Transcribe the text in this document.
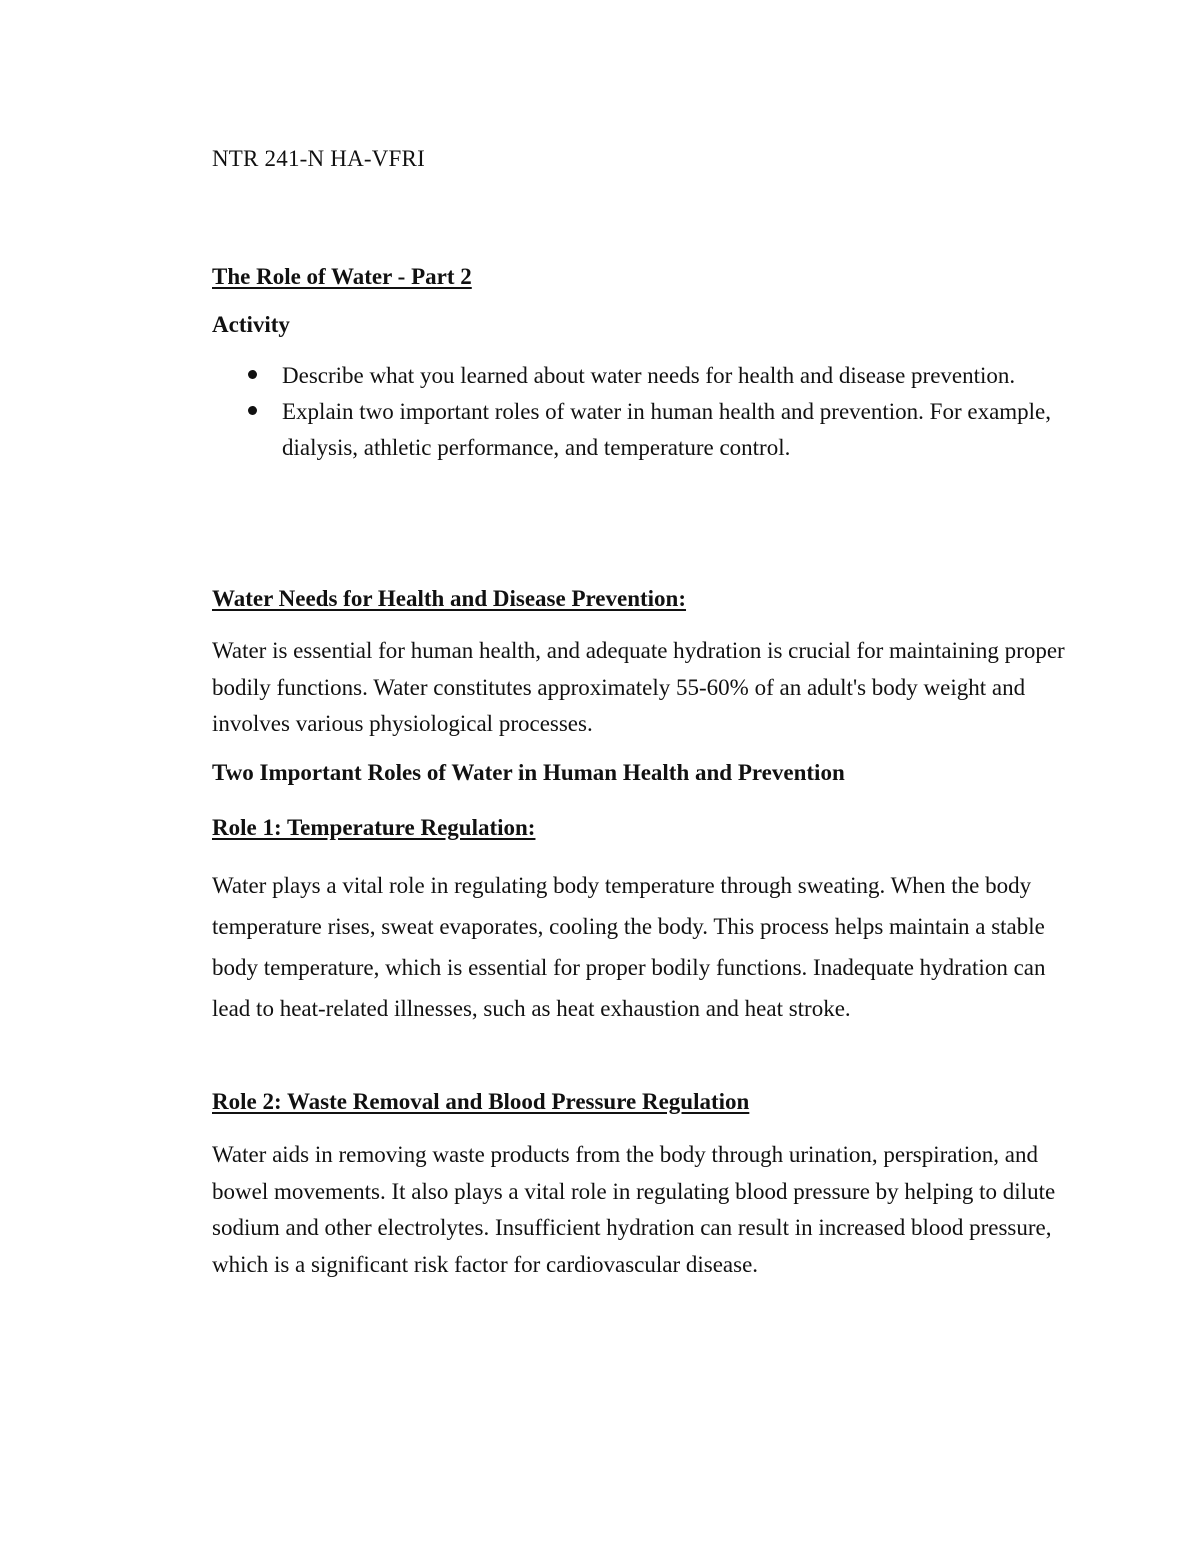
NTR 241-N HA-VFRI

The Role of Water - Part 2

Activity

Describe what you learned about water needs for health and disease prevention.
Explain two important roles of water in human health and prevention. For example, dialysis, athletic performance, and temperature control.

Water Needs for Health and Disease Prevention:

Water is essential for human health, and adequate hydration is crucial for maintaining proper bodily functions. Water constitutes approximately 55-60% of an adult's body weight and involves various physiological processes.

Two Important Roles of Water in Human Health and Prevention

Role 1: Temperature Regulation:

Water plays a vital role in regulating body temperature through sweating. When the body temperature rises, sweat evaporates, cooling the body. This process helps maintain a stable body temperature, which is essential for proper bodily functions. Inadequate hydration can lead to heat-related illnesses, such as heat exhaustion and heat stroke.

Role 2: Waste Removal and Blood Pressure Regulation

Water aids in removing waste products from the body through urination, perspiration, and bowel movements. It also plays a vital role in regulating blood pressure by helping to dilute sodium and other electrolytes. Insufficient hydration can result in increased blood pressure, which is a significant risk factor for cardiovascular disease.
